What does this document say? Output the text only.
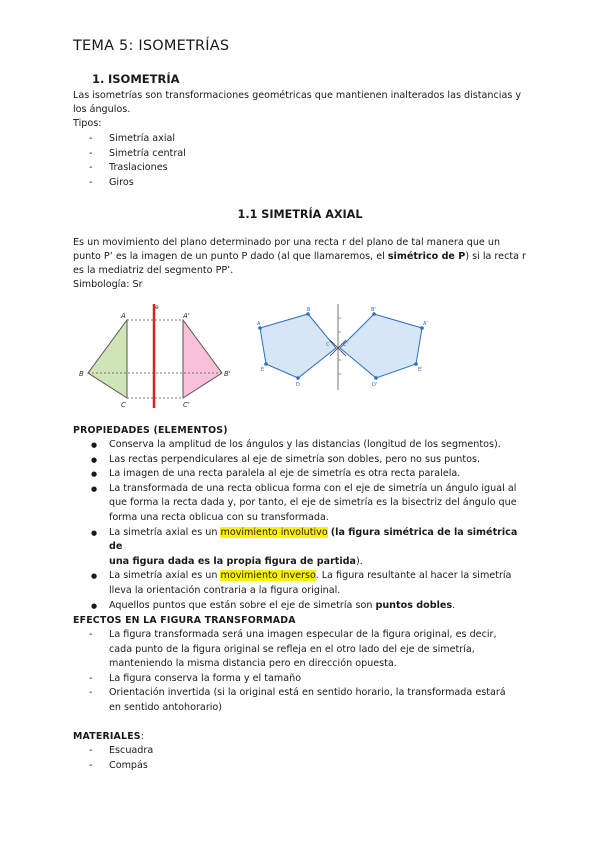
TEMA 5: ISOMETRÍAS
1. ISOMETRÍA
Las isometrías son transformaciones geométricas que mantienen inalterados las distancias y
los ángulos.
Tipos:
- Simetría axial
- Simetría central
- Traslaciones
- Giros
1.1 SIMETRÍA AXIAL
Es un movimiento del plano determinado por una recta r del plano de tal manera que un
punto P’ es la imagen de un punto P dado (al que llamaremos, el simétrico de P) si la recta r
es la mediatriz del segmento PP’.
Simbología: Sr
e
A	A'
B	B'
C	C'
A
B
C
D
E
A'
B'
C'
D'
E'
PROPIEDADES (ELEMENTOS)
● Conserva la amplitud de los ángulos y las distancias (longitud de los segmentos).
● Las rectas perpendiculares al eje de simetría son dobles, pero no sus puntos.
● La imagen de una recta paralela al eje de simetría es otra recta paralela.
● La transformada de una recta oblicua forma con el eje de simetría un ángulo igual al
que forma la recta dada y, por tanto, el eje de simetría es la bisectriz del ángulo que
forma una recta oblicua con su transformada.
● La simetría axial es un movimiento involutivo (la figura simétrica de la simétrica de
una figura dada es la propia figura de partida).
● La simetría axial es un movimiento inverso. La figura resultante al hacer la simetría
lleva la orientación contraria a la figura original.
● Aquellos puntos que están sobre el eje de simetría son puntos dobles.
EFECTOS EN LA FIGURA TRANSFORMADA
- La figura transformada será una imagen especular de la figura original, es decir,
cada punto de la figura original se refleja en el otro lado del eje de simetría,
manteniendo la misma distancia pero en dirección opuesta.
- La figura conserva la forma y el tamaño
- Orientación invertida (si la original está en sentido horario, la transformada estará
en sentido antohorario)
MATERIALES:
- Escuadra
- Compás
